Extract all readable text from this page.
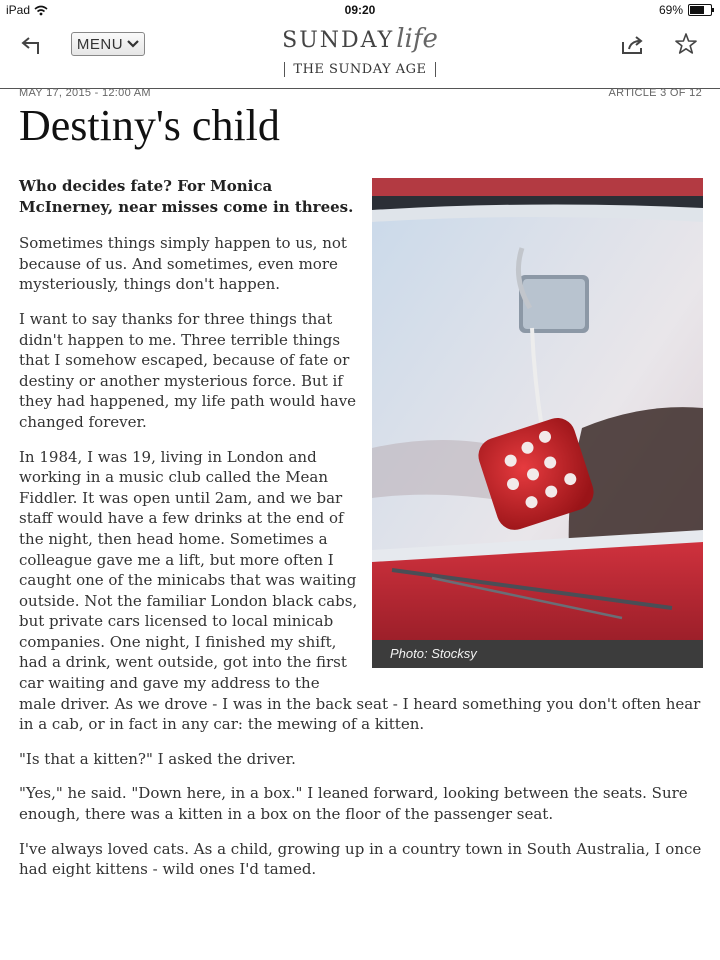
iPad	09:20	69%
MENU	SUNDAYlife
THE SUNDAY AGE
MAY 17, 2015 - 12:00 AM	ARTICLE 3 OF 12
Destiny's child
Photo: Stocksy

Who decides fate? For Monica McInerney, near misses come in threes.

Sometimes things simply happen to us, not because of us. And sometimes, even more mysteriously, things don't happen.

I want to say thanks for three things that didn't happen to me. Three terrible things that I somehow escaped, because of fate or destiny or another mysterious force. But if they had happened, my life path would have changed forever.

In 1984, I was 19, living in London and working in a music club called the Mean Fiddler. It was open until 2am, and we bar staff would have a few drinks at the end of the night, then head home. Sometimes a colleague gave me a lift, but more often I caught one of the minicabs that was waiting outside. Not the familiar London black cabs, but private cars licensed to local minicab companies. One night, I finished my shift, had a drink, went outside, got into the first car waiting and gave my address to the male driver. As we drove - I was in the back seat - I heard something you don't often hear in a cab, or in fact in any car: the mewing of a kitten.

"Is that a kitten?" I asked the driver.

"Yes," he said. "Down here, in a box." I leaned forward, looking between the seats. Sure enough, there was a kitten in a box on the floor of the passenger seat.

I've always loved cats. As a child, growing up in a country town in South Australia, I once had eight kittens - wild ones I'd tamed.
